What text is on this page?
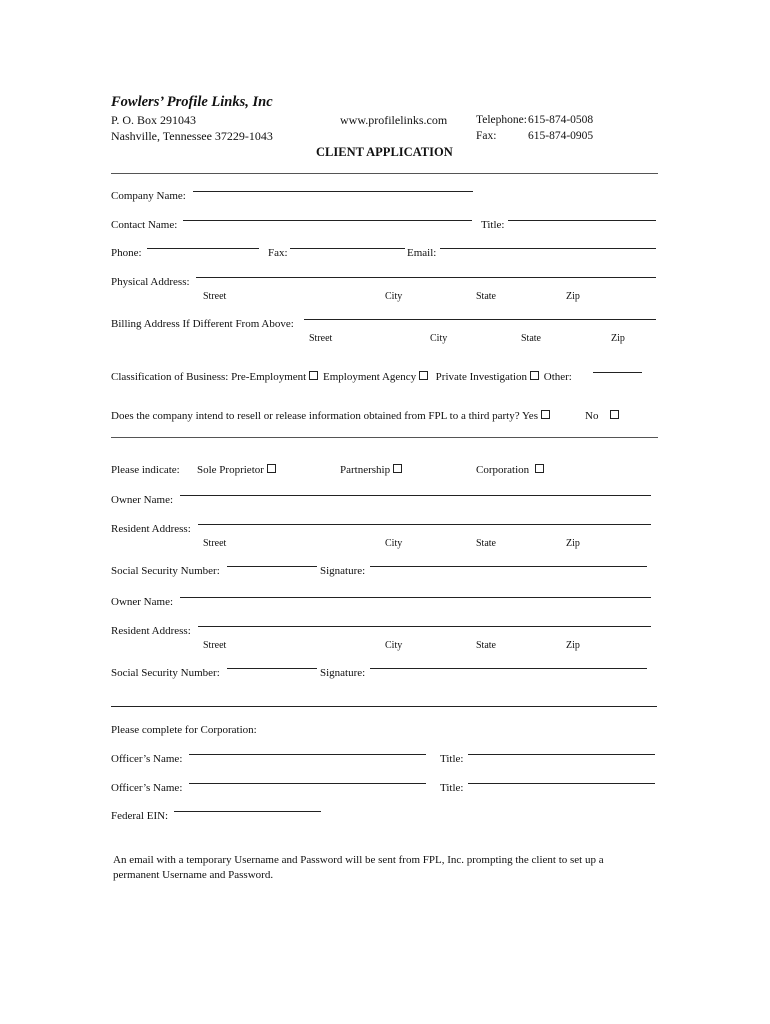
Fowlers’ Profile Links, Inc
P. O. Box 291043
Nashville, Tennessee 37229-1043
www.profilelinks.com	Telephone: 615-874-0508
Fax:	615-874-0905
CLIENT APPLICATION
Company Name:
Contact Name:	Title:
Phone:	Fax:	Email:
Physical Address:
Street	City	State	Zip
Billing Address If Different From Above:
Street	City	State	Zip
Classification of Business: Pre-Employment Employment Agency Private Investigation Other:
Does the company intend to resell or release information obtained from FPL to a third party? Yes	No
Please indicate: Sole Proprietor	Partnership	Corporation
Owner Name:
Resident Address:
Street	City	State	Zip
Social Security Number:	Signature:
Owner Name:
Resident Address:
Street	City	State	Zip
Social Security Number:	Signature:
Please complete for Corporation:
Officer’s Name:	Title:
Officer’s Name:	Title:
Federal EIN:
An email with a temporary Username and Password will be sent from FPL, Inc. prompting the client to set up a
permanent Username and Password.
